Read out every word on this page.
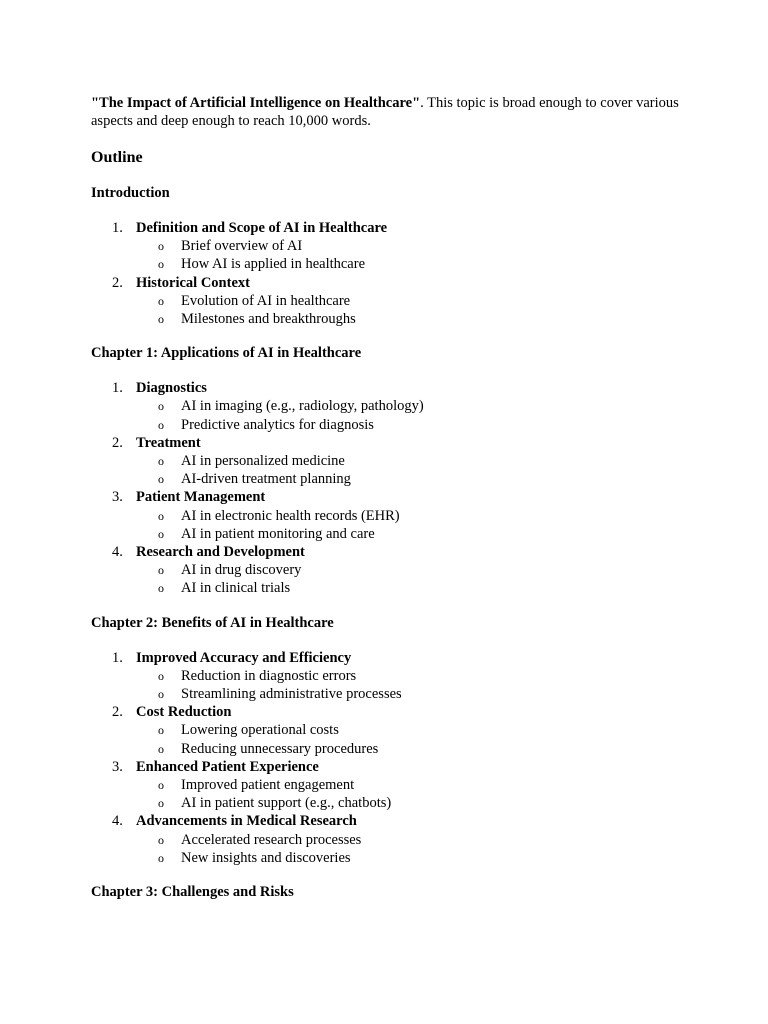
"The Impact of Artificial Intelligence on Healthcare". This topic is broad enough to cover various aspects and deep enough to reach 10,000 words.

Outline
Introduction
1. Definition and Scope of AI in Healthcare
o Brief overview of AI
o How AI is applied in healthcare
2. Historical Context
o Evolution of AI in healthcare
o Milestones and breakthroughs
Chapter 1: Applications of AI in Healthcare
1. Diagnostics
o AI in imaging (e.g., radiology, pathology)
o Predictive analytics for diagnosis
2. Treatment
o AI in personalized medicine
o AI-driven treatment planning
3. Patient Management
o AI in electronic health records (EHR)
o AI in patient monitoring and care
4. Research and Development
o AI in drug discovery
o AI in clinical trials
Chapter 2: Benefits of AI in Healthcare
1. Improved Accuracy and Efficiency
o Reduction in diagnostic errors
o Streamlining administrative processes
2. Cost Reduction
o Lowering operational costs
o Reducing unnecessary procedures
3. Enhanced Patient Experience
o Improved patient engagement
o AI in patient support (e.g., chatbots)
4. Advancements in Medical Research
o Accelerated research processes
o New insights and discoveries
Chapter 3: Challenges and Risks
